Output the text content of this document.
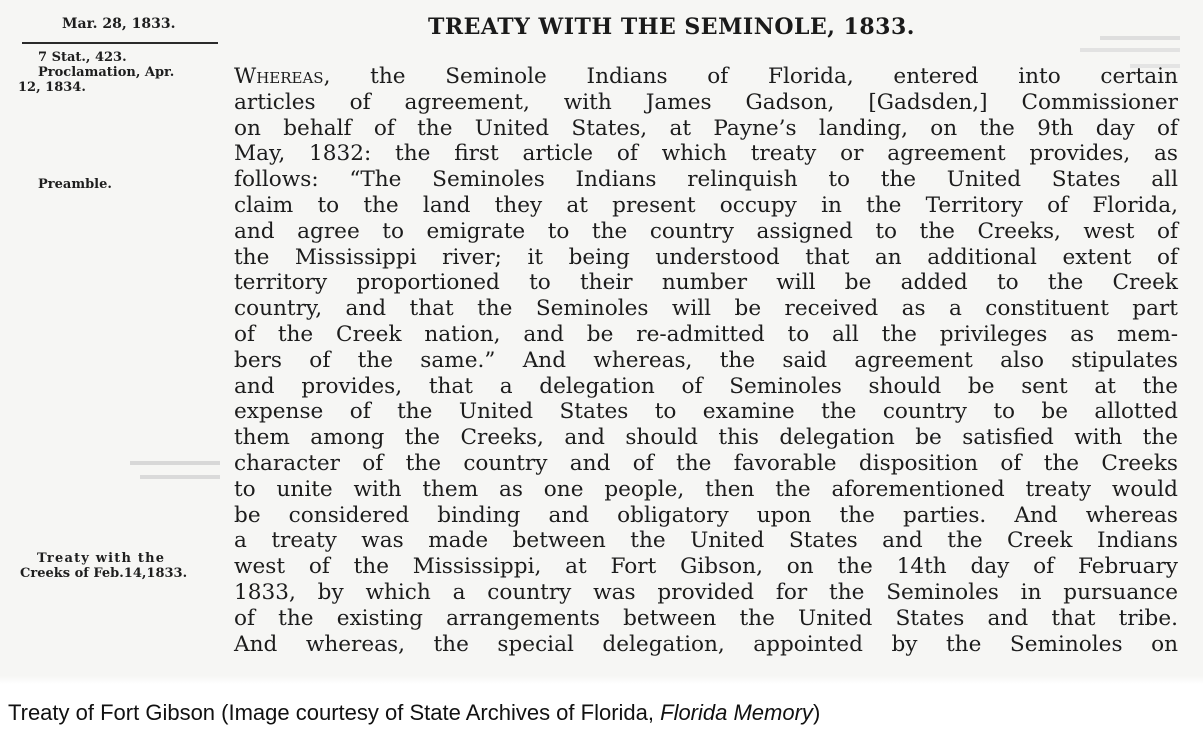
Mar. 28, 1833.
7 Stat., 423.
Proclamation, Apr.
12, 1834.
Preamble.
Treaty with the
Creeks of Feb.14,1833.
TREATY WITH THE SEMINOLE, 1833.
Whereas, the Seminole Indians of Florida, entered into certain
articles of agreement, with James Gadson, [Gadsden,] Commissioner
on behalf of the United States, at Payne’s landing, on the 9th day of
May, 1832: the first article of which treaty or agreement provides, as
follows: “The Seminoles Indians relinquish to the United States all
claim to the land they at present occupy in the Territory of Florida,
and agree to emigrate to the country assigned to the Creeks, west of
the Mississippi river; it being understood that an additional extent of
territory proportioned to their number will be added to the Creek
country, and that the Seminoles will be received as a constituent part
of the Creek nation, and be re-admitted to all the privileges as mem-
bers of the same.” And whereas, the said agreement also stipulates
and provides, that a delegation of Seminoles should be sent at the
expense of the United States to examine the country to be allotted
them among the Creeks, and should this delegation be satisfied with the
character of the country and of the favorable disposition of the Creeks
to unite with them as one people, then the aforementioned treaty would
be considered binding and obligatory upon the parties. And whereas
a treaty was made between the United States and the Creek Indians
west of the Mississippi, at Fort Gibson, on the 14th day of February
1833, by which a country was provided for the Seminoles in pursuance
of the existing arrangements between the United States and that tribe.
And whereas, the special delegation, appointed by the Seminoles on
Treaty of Fort Gibson (Image courtesy of State Archives of Florida, Florida Memory)
